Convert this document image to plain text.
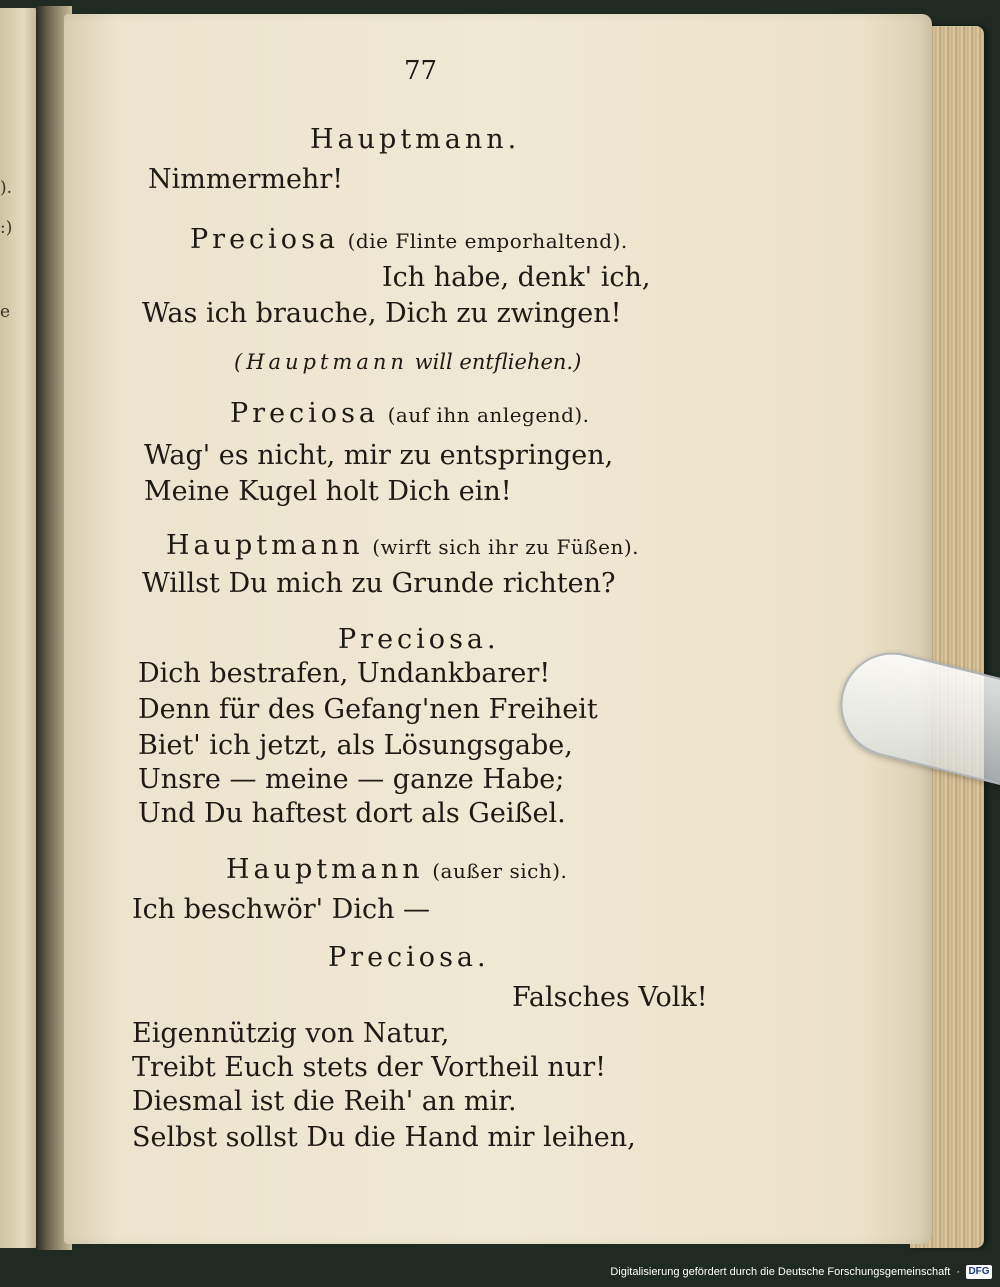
).
:)
e
77
Hauptmann.
Nimmermehr!
Preciosa (die Flinte emporhaltend).
Ich habe, denk' ich,
Was ich brauche, Dich zu zwingen!
(Hauptmann will entfliehen.)
Preciosa (auf ihn anlegend).
Wag' es nicht, mir zu entspringen,
Meine Kugel holt Dich ein!
Hauptmann (wirft sich ihr zu Füßen).
Willst Du mich zu Grunde richten?
Preciosa.
Dich bestrafen, Undankbarer!
Denn für des Gefang'nen Freiheit
Biet' ich jetzt, als Lösungsgabe,
Unsre — meine — ganze Habe;
Und Du haftest dort als Geißel.
Hauptmann (außer sich).
Ich beschwör' Dich —
Preciosa.
Falsches Volk!
Eigennützig von Natur,
Treibt Euch stets der Vortheil nur!
Diesmal ist die Reih' an mir.
Selbst sollst Du die Hand mir leihen,
Digitalisierung gefördert durch die Deutsche Forschungsgemeinschaft · DFG
